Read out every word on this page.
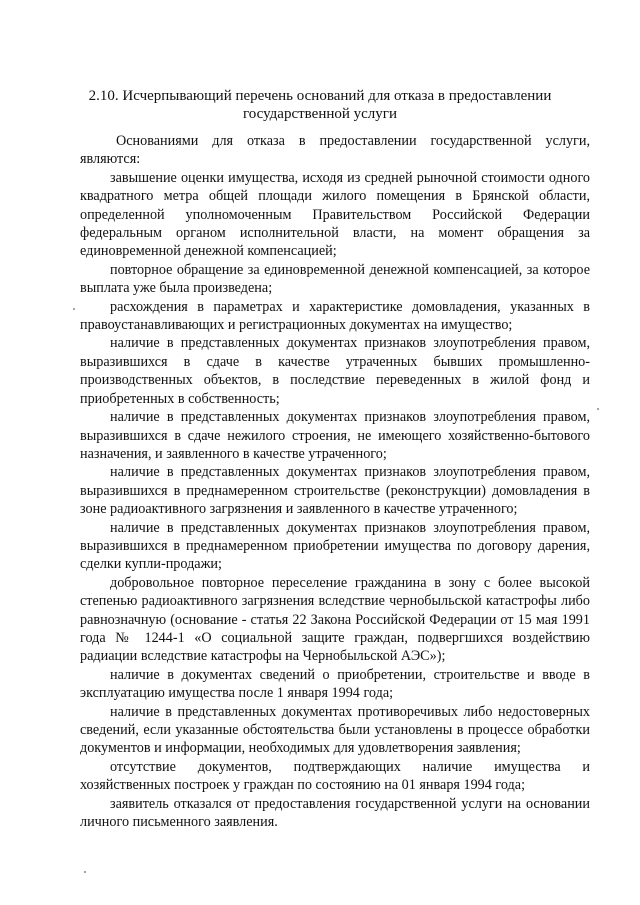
2.10. Исчерпывающий перечень оснований для отказа в предоставлении
государственной услуги

Основаниями для отказа в предоставлении государственной услуги, являются:

завышение оценки имущества, исходя из средней рыночной стоимости одного квадратного метра общей площади жилого помещения в Брянской области, определенной уполномоченным Правительством Российской Федерации федеральным органом исполнительной власти, на момент обращения за единовременной денежной компенсацией;

повторное обращение за единовременной денежной компенсацией, за которое выплата уже была произведена;

расхождения в параметрах и характеристике домовладения, указанных в правоустанавливающих и регистрационных документах на имущество;

наличие в представленных документах признаков злоупотребления правом, выразившихся в сдаче в качестве утраченных бывших промышленно-производственных объектов, в последствие переведенных в жилой фонд и приобретенных в собственность;

наличие в представленных документах признаков злоупотребления правом, выразившихся в сдаче нежилого строения, не имеющего хозяйственно-бытового назначения, и заявленного в качестве утраченного;

наличие в представленных документах признаков злоупотребления правом, выразившихся в преднамеренном строительстве (реконструкции) домовладения в зоне радиоактивного загрязнения и заявленного в качестве утраченного;

наличие в представленных документах признаков злоупотребления правом, выразившихся в преднамеренном приобретении имущества по договору дарения, сделки купли-продажи;

добровольное повторное переселение гражданина в зону с более высокой степенью радиоактивного загрязнения вследствие чернобыльской катастрофы либо равнозначную (основание - статья 22 Закона Российской Федерации от 15 мая 1991 года № 1244-1 «О социальной защите граждан, подвергшихся воздействию радиации вследствие катастрофы на Чернобыльской АЭС»);

наличие в документах сведений о приобретении, строительстве и вводе в эксплуатацию имущества после 1 января 1994 года;

наличие в представленных документах противоречивых либо недостоверных сведений, если указанные обстоятельства были установлены в процессе обработки документов и информации, необходимых для удовлетворения заявления;

отсутствие документов, подтверждающих наличие имущества и хозяйственных построек у граждан по состоянию на 01 января 1994 года;

заявитель отказался от предоставления государственной услуги на основании личного письменного заявления.
